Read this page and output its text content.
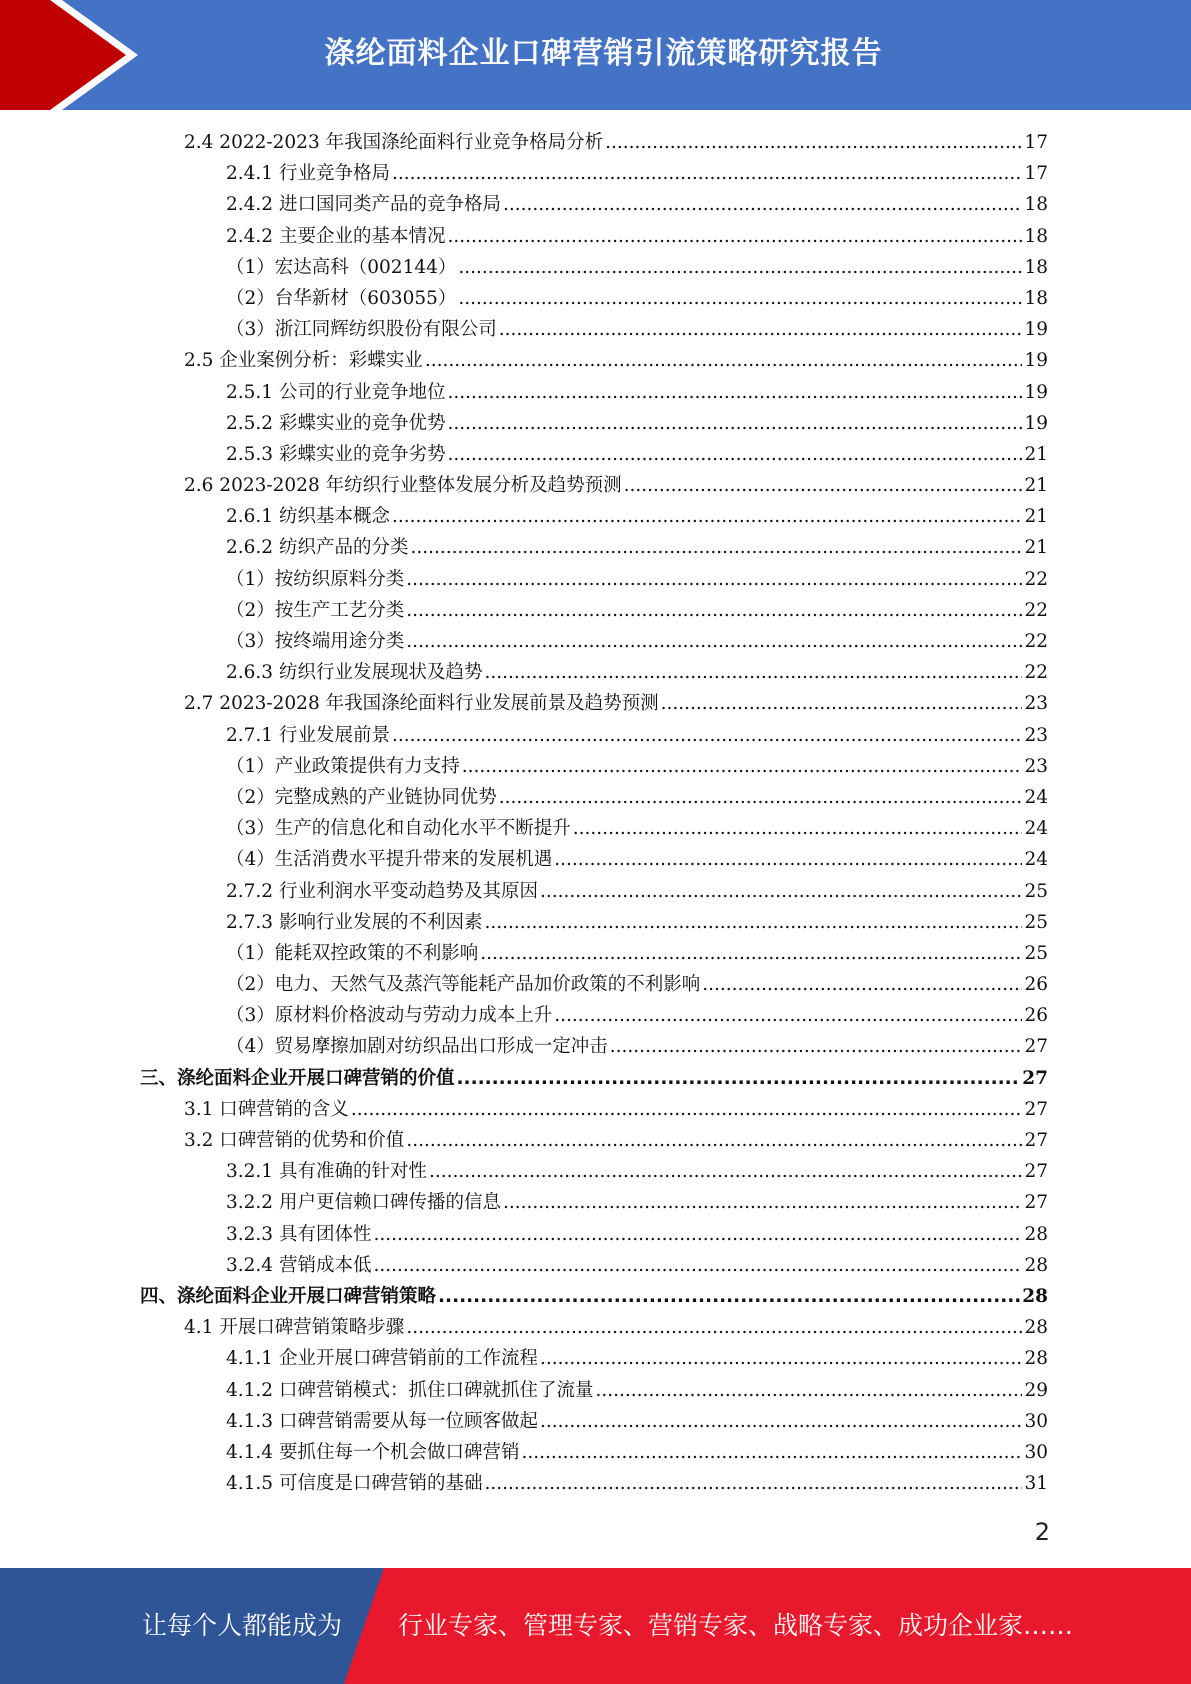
涤纶面料企业口碑营销引流策略研究报告
2.4 2022-2023 年我国涤纶面料行业竞争格局分析 .....	17
2.4.1 行业竞争格局 .....	17
2.4.2 进口国同类产品的竞争格局 .....	18
2.4.2 主要企业的基本情况 .....	18
（1）宏达高科（002144） .....	18
（2）台华新材（603055） .....	18
（3）浙江同辉纺织股份有限公司 .....	19
2.5 企业案例分析：彩蝶实业 .....	19
2.5.1 公司的行业竞争地位 .....	19
2.5.2 彩蝶实业的竞争优势 .....	19
2.5.3 彩蝶实业的竞争劣势 .....	21
2.6 2023-2028 年纺织行业整体发展分析及趋势预测 .....	21
2.6.1 纺织基本概念 .....	21
2.6.2 纺织产品的分类 .....	21
（1）按纺织原料分类 .....	22
（2）按生产工艺分类 .....	22
（3）按终端用途分类 .....	22
2.6.3 纺织行业发展现状及趋势 .....	22
2.7 2023-2028 年我国涤纶面料行业发展前景及趋势预测 .....	23
2.7.1 行业发展前景 .....	23
（1）产业政策提供有力支持 .....	23
（2）完整成熟的产业链协同优势 .....	24
（3）生产的信息化和自动化水平不断提升 .....	24
（4）生活消费水平提升带来的发展机遇 .....	24
2.7.2 行业利润水平变动趋势及其原因 .....	25
2.7.3 影响行业发展的不利因素 .....	25
（1）能耗双控政策的不利影响 .....	25
（2）电力、天然气及蒸汽等能耗产品加价政策的不利影响 .....	26
（3）原材料价格波动与劳动力成本上升 .....	26
（4）贸易摩擦加剧对纺织品出口形成一定冲击 .....	27
三、涤纶面料企业开展口碑营销的价值 .....	27
3.1 口碑营销的含义 .....	27
3.2 口碑营销的优势和价值 .....	27
3.2.1 具有准确的针对性 .....	27
3.2.2 用户更信赖口碑传播的信息 .....	27
3.2.3 具有团体性 .....	28
3.2.4 营销成本低 .....	28
四、涤纶面料企业开展口碑营销策略 .....	28
4.1 开展口碑营销策略步骤 .....	28
4.1.1 企业开展口碑营销前的工作流程 .....	28
4.1.2 口碑营销模式：抓住口碑就抓住了流量 .....	29
4.1.3 口碑营销需要从每一位顾客做起 .....	30
4.1.4 要抓住每一个机会做口碑营销 .....	30
4.1.5 可信度是口碑营销的基础 .....	31
2
让每个人都能成为 行业专家、管理专家、营销专家、战略专家、成功企业家……
